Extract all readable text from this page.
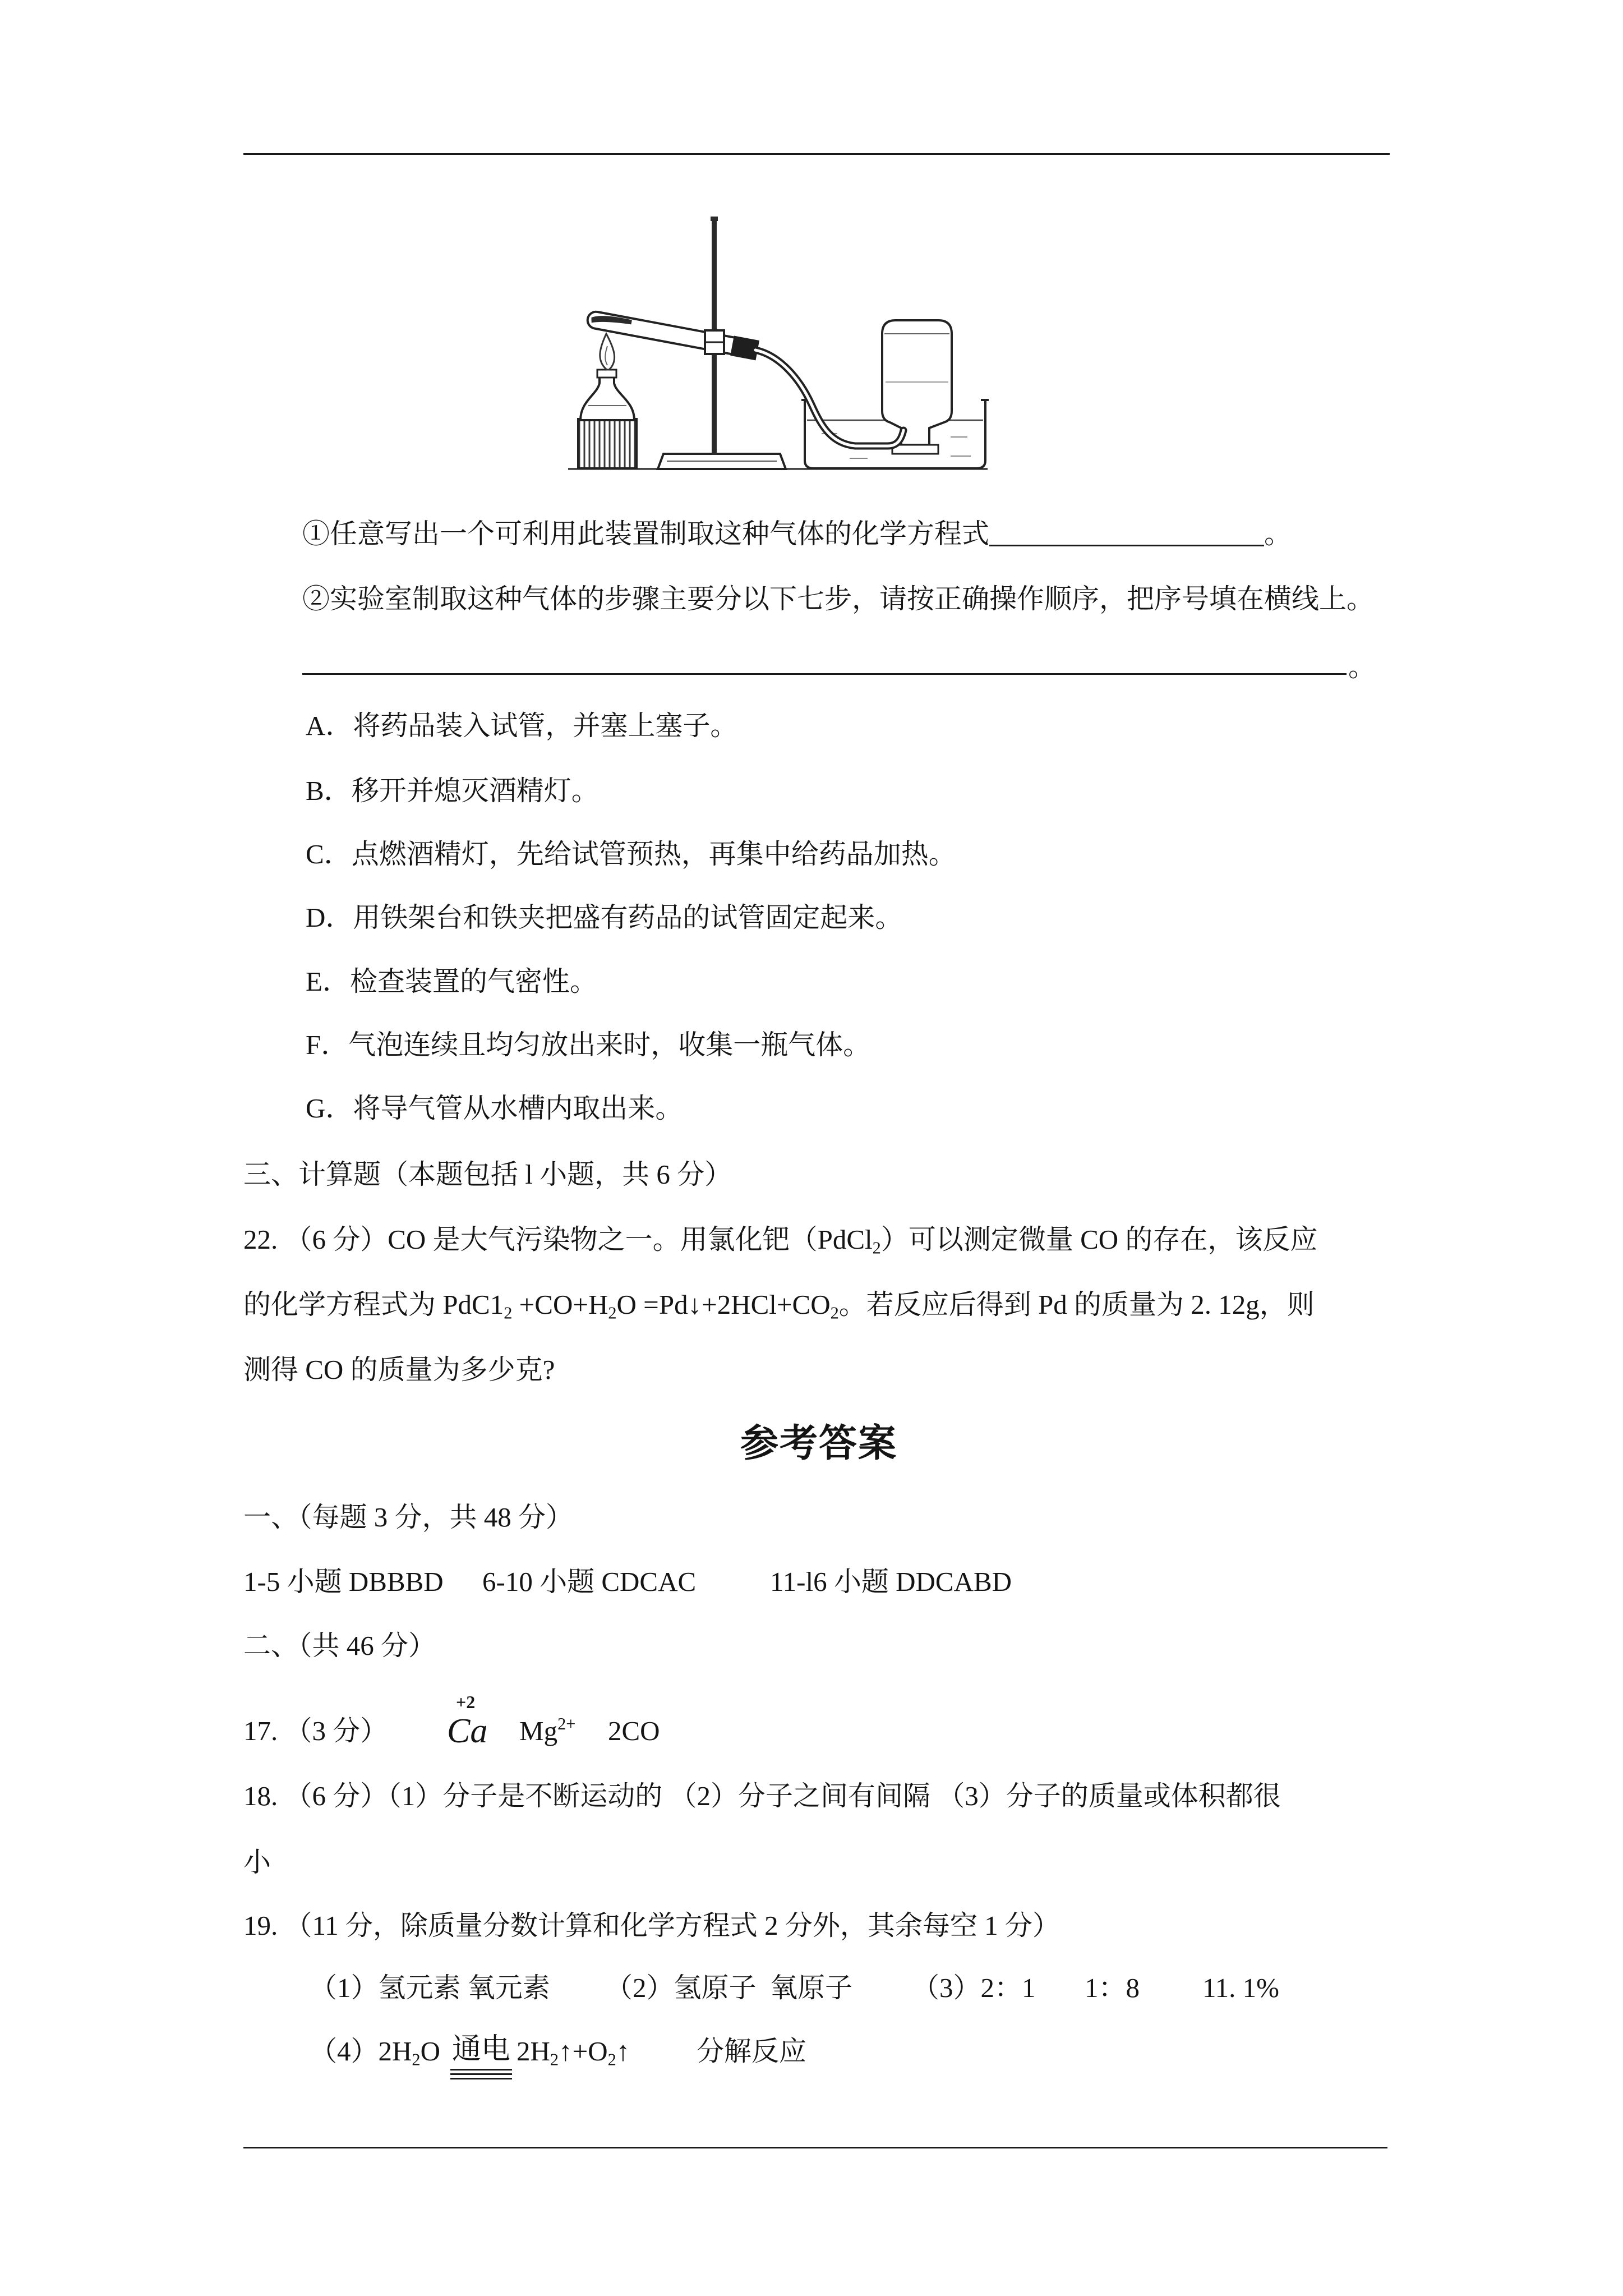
①任意写出一个可利用此装置制取这种气体的化学方程式	。
②实验室制取这种气体的步骤主要分以下七步，请按正确操作顺序，把序号填在横线上。
。
A．将药品装入试管，并塞上塞子。
B．移开并熄灭酒精灯。
C．点燃酒精灯，先给试管预热，再集中给药品加热。
D．用铁架台和铁夹把盛有药品的试管固定起来。
E．检查装置的气密性。
F．气泡连续且均匀放出来时，收集一瓶气体。
G．将导气管从水槽内取出来。
三、计算题（本题包括 l 小题，共 6 分）
22. （6 分）CO 是大气污染物之一。用氯化钯（PdCl$_2$）可以测定微量 CO 的存在，该反应
的化学方程式为 $PdC1_2 +CO+H_2O$ $=Pd↓+2HCl+CO_2$。若反应后得到 Pd 的质量为 2. 12g，则
测得 CO 的质量为多少克?
参考答案
一、（每题 3 分，共 48 分）
1-5 小题 DBBBD 6-10 小题 CDCAC	11-l6 小题 DDCABD
二、（共 46 分）
17. （3 分）
+2
Ca $Mg^{2+}$ 2CO
18. （6 分）（1）分子是不断运动的 （2）分子之间有间隔 （3）分子的质量或体积都很
小
19. （11 分，除质量分数计算和化学方程式 2 分外，其余每空 1 分）
（1）氢元素 氧元素 （2）氢原子  氧原子 （3）2：1 1：8 11. 1%
$(4)2H_2O$ 通电 $2H_2↑+O_2↑$ 分解反应
